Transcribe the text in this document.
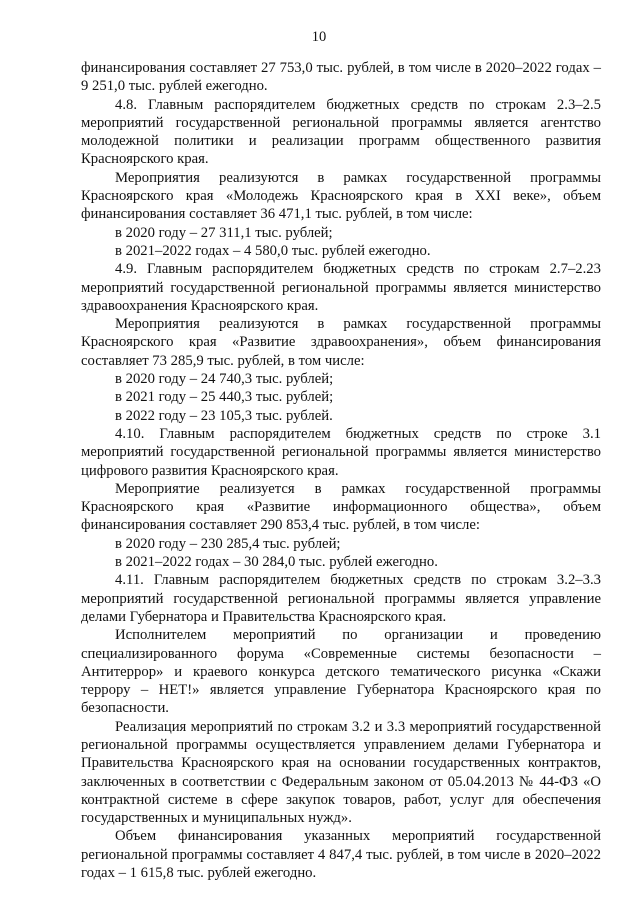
10

финансирования составляет 27 753,0 тыс. рублей, в том числе в 2020–2022 годах – 9 251,0 тыс. рублей ежегодно.

4.8. Главным распорядителем бюджетных средств по строкам 2.3–2.5 мероприятий государственной региональной программы является агентство молодежной политики и реализации программ общественного развития Красноярского края.

Мероприятия реализуются в рамках государственной программы Красноярского края «Молодежь Красноярского края в XXI веке», объем финансирования составляет 36 471,1 тыс. рублей, в том числе:

в 2020 году – 27 311,1 тыс. рублей;

в 2021–2022 годах – 4 580,0 тыс. рублей ежегодно.

4.9. Главным распорядителем бюджетных средств по строкам 2.7–2.23 мероприятий государственной региональной программы является министерство здравоохранения Красноярского края.

Мероприятия реализуются в рамках государственной программы Красноярского края «Развитие здравоохранения», объем финансирования составляет 73 285,9 тыс. рублей, в том числе:

в 2020 году – 24 740,3 тыс. рублей;

в 2021 году – 25 440,3 тыс. рублей;

в 2022 году – 23 105,3 тыс. рублей.

4.10. Главным распорядителем бюджетных средств по строке 3.1 мероприятий государственной региональной программы является министерство цифрового развития Красноярского края.

Мероприятие реализуется в рамках государственной программы Красноярского края «Развитие информационного общества», объем финансирования составляет 290 853,4 тыс. рублей, в том числе:

в 2020 году – 230 285,4 тыс. рублей;

в 2021–2022 годах – 30 284,0 тыс. рублей ежегодно.

4.11. Главным распорядителем бюджетных средств по строкам 3.2–3.3 мероприятий государственной региональной программы является управление делами Губернатора и Правительства Красноярского края.

Исполнителем мероприятий по организации и проведению специализированного форума «Современные системы безопасности – Антитеррор» и краевого конкурса детского тематического рисунка «Скажи террору – НЕТ!» является управление Губернатора Красноярского края по безопасности.

Реализация мероприятий по строкам 3.2 и 3.3 мероприятий государственной региональной программы осуществляется управлением делами Губернатора и Правительства Красноярского края на основании государственных контрактов, заключенных в соответствии с Федеральным законом от 05.04.2013 № 44-ФЗ «О контрактной системе в сфере закупок товаров, работ, услуг для обеспечения государственных и муниципальных нужд».

Объем финансирования указанных мероприятий государственной региональной программы составляет 4 847,4 тыс. рублей, в том числе в 2020–2022 годах – 1 615,8 тыс. рублей ежегодно.
